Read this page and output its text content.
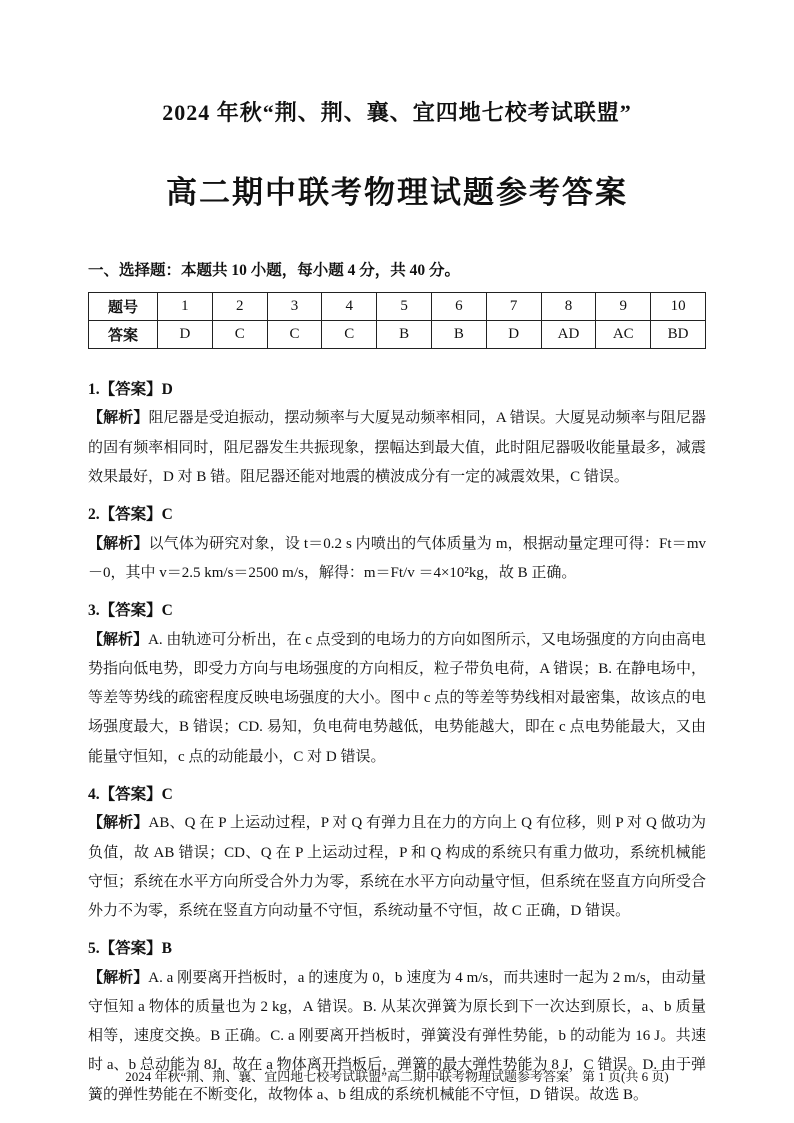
2024 年秋“荆、荆、襄、宜四地七校考试联盟”
高二期中联考物理试题参考答案
一、选择题：本题共 10 小题，每小题 4 分，共 40 分。
题号	1	2	3	4	5	6	7	8	9	10
答案	D	C	C	C	B	B	D	AD	AC	BD
1.【答案】D

【解析】阻尼器是受迫振动，摆动频率与大厦晃动频率相同，A 错误。大厦晃动频率与阻尼器的固有频率相同时，阻尼器发生共振现象，摆幅达到最大值，此时阻尼器吸收能量最多，减震效果最好，D 对 B 错。阻尼器还能对地震的横波成分有一定的减震效果，C 错误。

2.【答案】C

【解析】以气体为研究对象，设 t＝0.2 s 内喷出的气体质量为 m，根据动量定理可得：Ft＝mv－0，其中 v＝2.5 km/s＝2500 m/s，解得：m＝Ft/v ＝4×10²kg，故 B 正确。

3.【答案】C

【解析】A. 由轨迹可分析出，在 c 点受到的电场力的方向如图所示，又电场强度的方向由高电势指向低电势，即受力方向与电场强度的方向相反，粒子带负电荷，A 错误；B. 在静电场中，等差等势线的疏密程度反映电场强度的大小。图中 c 点的等差等势线相对最密集，故该点的电场强度最大，B 错误；CD. 易知，负电荷电势越低，电势能越大，即在 c 点电势能最大，又由能量守恒知，c 点的动能最小，C 对 D 错误。

4.【答案】C

【解析】AB、Q 在 P 上运动过程，P 对 Q 有弹力且在力的方向上 Q 有位移，则 P 对 Q 做功为负值，故 AB 错误；CD、Q 在 P 上运动过程，P 和 Q 构成的系统只有重力做功，系统机械能守恒；系统在水平方向所受合外力为零，系统在水平方向动量守恒，但系统在竖直方向所受合外力不为零，系统在竖直方向动量不守恒，系统动量不守恒，故 C 正确，D 错误。

5.【答案】B

【解析】A. a 刚要离开挡板时，a 的速度为 0，b 速度为 4 m/s，而共速时一起为 2 m/s，由动量守恒知 a 物体的质量也为 2 kg，A 错误。B. 从某次弹簧为原长到下一次达到原长，a、b 质量相等，速度交换。B 正确。C. a 刚要离开挡板时，弹簧没有弹性势能，b 的动能为 16 J。共速时 a、b 总动能为 8J，故在 a 物体离开挡板后，弹簧的最大弹性势能为 8 J，C 错误。D. 由于弹簧的弹性势能在不断变化，故物体 a、b 组成的系统机械能不守恒，D 错误。故选 B。

2024 年秋“荆、荆、襄、宜四地七校考试联盟”高二期中联考物理试题参考答案　第 1 页(共 6 页)
